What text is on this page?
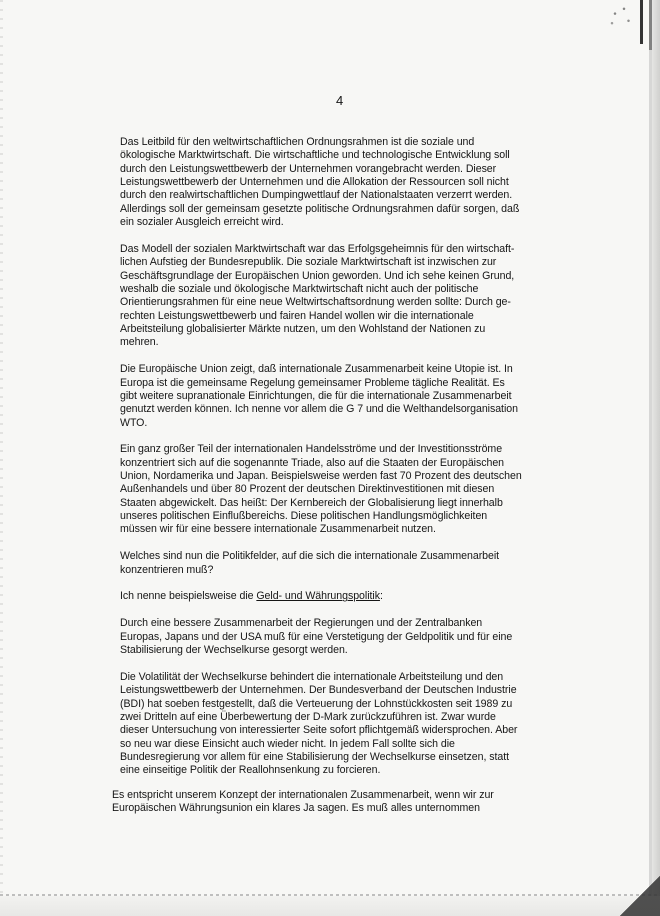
4

Das Leitbild für den weltwirtschaftlichen Ordnungsrahmen ist die soziale und
ökologische Marktwirtschaft. Die wirtschaftliche und technologische Entwicklung soll
durch den Leistungswettbewerb der Unternehmen vorangebracht werden. Dieser
Leistungswettbewerb der Unternehmen und die Allokation der Ressourcen soll nicht
durch den realwirtschaftlichen Dumpingwettlauf der Nationalstaaten verzerrt werden.
Allerdings soll der gemeinsam gesetzte politische Ordnungsrahmen dafür sorgen, daß
ein sozialer Ausgleich erreicht wird.

Das Modell der sozialen Marktwirtschaft war das Erfolgsgeheimnis für den wirtschaft-
lichen Aufstieg der Bundesrepublik. Die soziale Marktwirtschaft ist inzwischen zur
Geschäftsgrundlage der Europäischen Union geworden. Und ich sehe keinen Grund,
weshalb die soziale und ökologische Marktwirtschaft nicht auch der politische
Orientierungsrahmen für eine neue Weltwirtschaftsordnung werden sollte: Durch ge-
rechten Leistungswettbewerb und fairen Handel wollen wir die internationale
Arbeitsteilung globalisierter Märkte nutzen, um den Wohlstand der Nationen zu
mehren.

Die Europäische Union zeigt, daß internationale Zusammenarbeit keine Utopie ist. In
Europa ist die gemeinsame Regelung gemeinsamer Probleme tägliche Realität. Es
gibt weitere supranationale Einrichtungen, die für die internationale Zusammenarbeit
genutzt werden können. Ich nenne vor allem die G 7 und die Welthandelsorganisation
WTO.

Ein ganz großer Teil der internationalen Handelsströme und der Investitionsströme
konzentriert sich auf die sogenannte Triade, also auf die Staaten der Europäischen
Union, Nordamerika und Japan. Beispielsweise werden fast 70 Prozent des deutschen
Außenhandels und über 80 Prozent der deutschen Direktinvestitionen mit diesen
Staaten abgewickelt. Das heißt: Der Kernbereich der Globalisierung liegt innerhalb
unseres politischen Einflußbereichs. Diese politischen Handlungsmöglichkeiten
müssen wir für eine bessere internationale Zusammenarbeit nutzen.

Welches sind nun die Politikfelder, auf die sich die internationale Zusammenarbeit
konzentrieren muß?

Ich nenne beispielsweise die Geld- und Währungspolitik:

Durch eine bessere Zusammenarbeit der Regierungen und der Zentralbanken
Europas, Japans und der USA muß für eine Verstetigung der Geldpolitik und für eine
Stabilisierung der Wechselkurse gesorgt werden.

Die Volatilität der Wechselkurse behindert die internationale Arbeitsteilung und den
Leistungswettbewerb der Unternehmen. Der Bundesverband der Deutschen Industrie
(BDI) hat soeben festgestellt, daß die Verteuerung der Lohnstückkosten seit 1989 zu
zwei Dritteln auf eine Überbewertung der D-Mark zurückzuführen ist. Zwar wurde
dieser Untersuchung von interessierter Seite sofort pflichtgemäß widersprochen. Aber
so neu war diese Einsicht auch wieder nicht. In jedem Fall sollte sich die
Bundesregierung vor allem für eine Stabilisierung der Wechselkurse einsetzen, statt
eine einseitige Politik der Reallohnsenkung zu forcieren.

Es entspricht unserem Konzept der internationalen Zusammenarbeit, wenn wir zur
Europäischen Währungsunion ein klares Ja sagen. Es muß alles unternommen
